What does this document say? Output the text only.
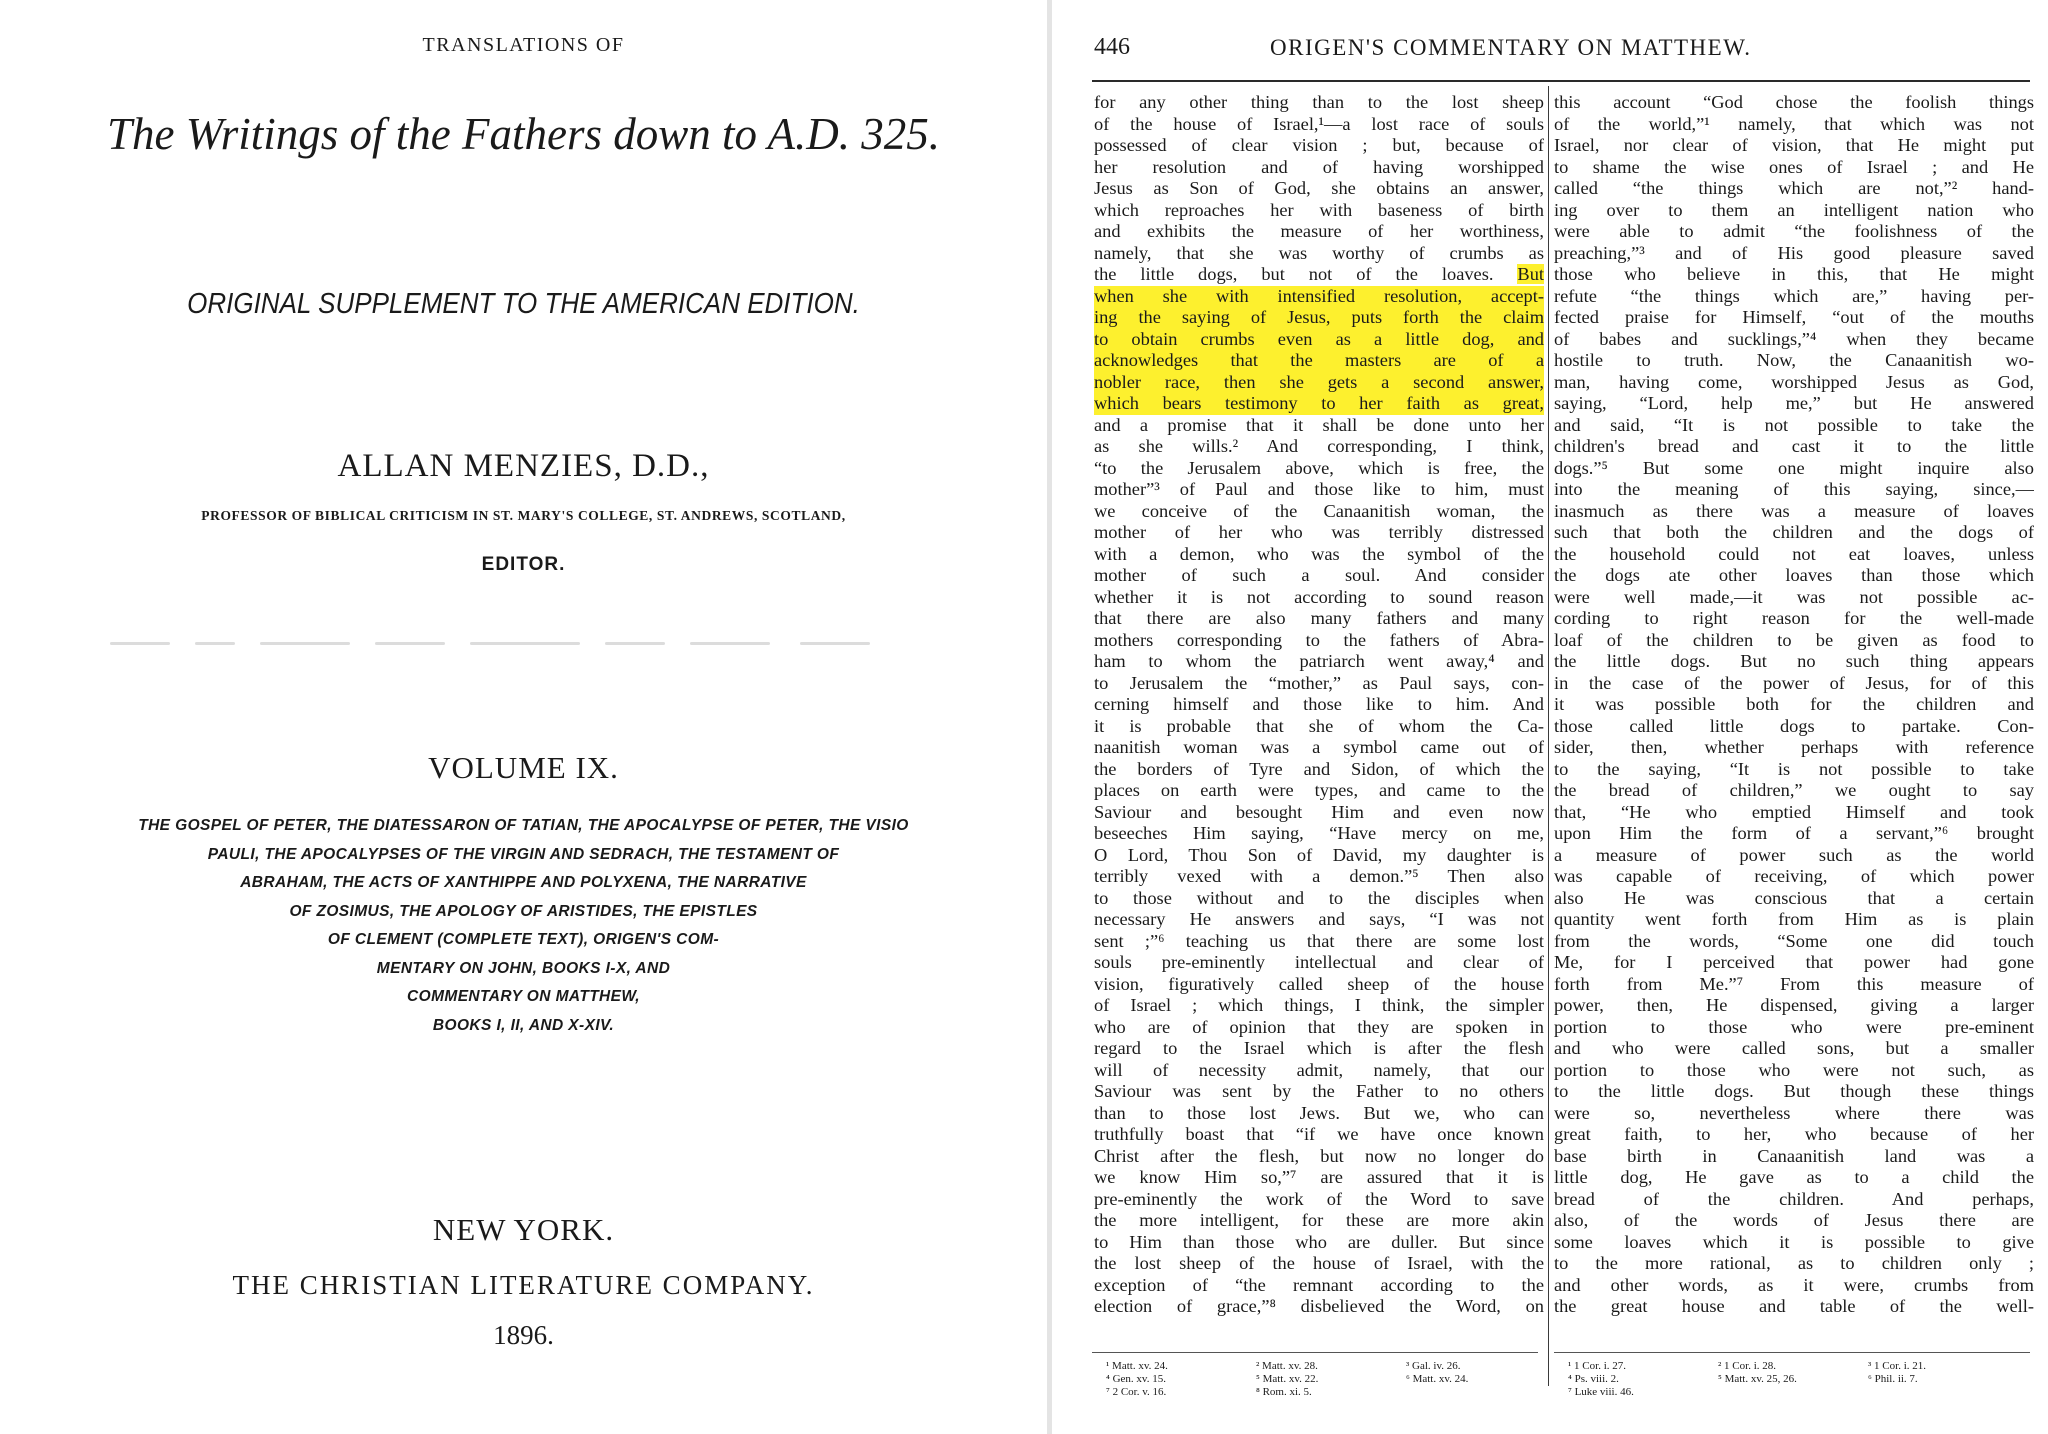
TRANSLATIONS OF
The Writings of the Fathers down to A.D. 325.
ORIGINAL SUPPLEMENT TO THE AMERICAN EDITION.
ALLAN MENZIES, D.D.,
PROFESSOR OF BIBLICAL CRITICISM IN ST. MARY'S COLLEGE, ST. ANDREWS, SCOTLAND,
EDITOR.
VOLUME IX.
THE GOSPEL OF PETER, THE DIATESSARON OF TATIAN, THE APOCALYPSE OF PETER, THE VISIO
PAULI, THE APOCALYPSES OF THE VIRGIN AND SEDRACH, THE TESTAMENT OF
ABRAHAM, THE ACTS OF XANTHIPPE AND POLYXENA, THE NARRATIVE
OF ZOSIMUS, THE APOLOGY OF ARISTIDES, THE EPISTLES
OF CLEMENT (COMPLETE TEXT), ORIGEN'S COM-
MENTARY ON JOHN, BOOKS I-X, AND
COMMENTARY ON MATTHEW,
BOOKS I, II, AND X-XIV.
NEW YORK.
THE CHRISTIAN LITERATURE COMPANY.
1896.
446	ORIGEN'S COMMENTARY ON MATTHEW.
for any other thing than to the lost sheep
of the house of Israel,¹—a lost race of souls
possessed of clear vision ; but, because of
her resolution and of having worshipped
Jesus as Son of God, she obtains an answer,
which reproaches her with baseness of birth
and exhibits the measure of her worthiness,
namely, that she was worthy of crumbs as
the little dogs, but not of the loaves. But
when she with intensified resolution, accept-
ing the saying of Jesus, puts forth the claim
to obtain crumbs even as a little dog, and
acknowledges that the masters are of a
nobler race, then she gets a second answer,
which bears testimony to her faith as great,
and a promise that it shall be done unto her
as she wills.² And corresponding, I think,
“to the Jerusalem above, which is free, the
mother”³ of Paul and those like to him, must
we conceive of the Canaanitish woman, the
mother of her who was terribly distressed
with a demon, who was the symbol of the
mother of such a soul. And consider
whether it is not according to sound reason
that there are also many fathers and many
mothers corresponding to the fathers of Abra-
ham to whom the patriarch went away,⁴ and
to Jerusalem the “mother,” as Paul says, con-
cerning himself and those like to him. And
it is probable that she of whom the Ca-
naanitish woman was a symbol came out of
the borders of Tyre and Sidon, of which the
places on earth were types, and came to the
Saviour and besought Him and even now
beseeches Him saying, “Have mercy on me,
O Lord, Thou Son of David, my daughter is
terribly vexed with a demon.”⁵ Then also
to those without and to the disciples when
necessary He answers and says, “I was not
sent ;”⁶ teaching us that there are some lost
souls pre-eminently intellectual and clear of
vision, figuratively called sheep of the house
of Israel ; which things, I think, the simpler
who are of opinion that they are spoken in
regard to the Israel which is after the flesh
will of necessity admit, namely, that our
Saviour was sent by the Father to no others
than to those lost Jews. But we, who can
truthfully boast that “if we have once known
Christ after the flesh, but now no longer do
we know Him so,”⁷ are assured that it is
pre-eminently the work of the Word to save
the more intelligent, for these are more akin
to Him than those who are duller. But since
the lost sheep of the house of Israel, with the
exception of “the remnant according to the
election of grace,”⁸ disbelieved the Word, on
this account “God chose the foolish things
of the world,”¹ namely, that which was not
Israel, nor clear of vision, that He might put
to shame the wise ones of Israel ; and He
called “the things which are not,”² hand-
ing over to them an intelligent nation who
were able to admit “the foolishness of the
preaching,”³ and of His good pleasure saved
those who believe in this, that He might
refute “the things which are,” having per-
fected praise for Himself, “out of the mouths
of babes and sucklings,”⁴ when they became
hostile to truth. Now, the Canaanitish wo-
man, having come, worshipped Jesus as God,
saying, “Lord, help me,” but He answered
and said, “It is not possible to take the
children's bread and cast it to the little
dogs.”⁵ But some one might inquire also
into the meaning of this saying, since,—
inasmuch as there was a measure of loaves
such that both the children and the dogs of
the household could not eat loaves, unless
the dogs ate other loaves than those which
were well made,—it was not possible ac-
cording to right reason for the well-made
loaf of the children to be given as food to
the little dogs. But no such thing appears
in the case of the power of Jesus, for of this
it was possible both for the children and
those called little dogs to partake. Con-
sider, then, whether perhaps with reference
to the saying, “It is not possible to take
the bread of children,” we ought to say
that, “He who emptied Himself and took
upon Him the form of a servant,”⁶ brought
a measure of power such as the world
was capable of receiving, of which power
also He was conscious that a certain
quantity went forth from Him as is plain
from the words, “Some one did touch
Me, for I perceived that power had gone
forth from Me.”⁷ From this measure of
power, then, He dispensed, giving a larger
portion to those who were pre-eminent
and who were called sons, but a smaller
portion to those who were not such, as
to the little dogs. But though these things
were so, nevertheless where there was
great faith, to her, who because of her
base birth in Canaanitish land was a
little dog, He gave as to a child the
bread of the children. And perhaps,
also, of the words of Jesus there are
some loaves which it is possible to give
to the more rational, as to children only ;
and other words, as it were, crumbs from
the great house and table of the well-
¹ Matt. xv. 24.
⁴ Gen. xv. 15.
⁷ 2 Cor. v. 16.
² Matt. xv. 28.
⁵ Matt. xv. 22.
⁸ Rom. xi. 5.
³ Gal. iv. 26.
⁶ Matt. xv. 24.
¹ 1 Cor. i. 27.
⁴ Ps. viii. 2.
⁷ Luke viii. 46.
² 1 Cor. i. 28.
⁵ Matt. xv. 25, 26.
³ 1 Cor. i. 21.
⁶ Phil. ii. 7.
